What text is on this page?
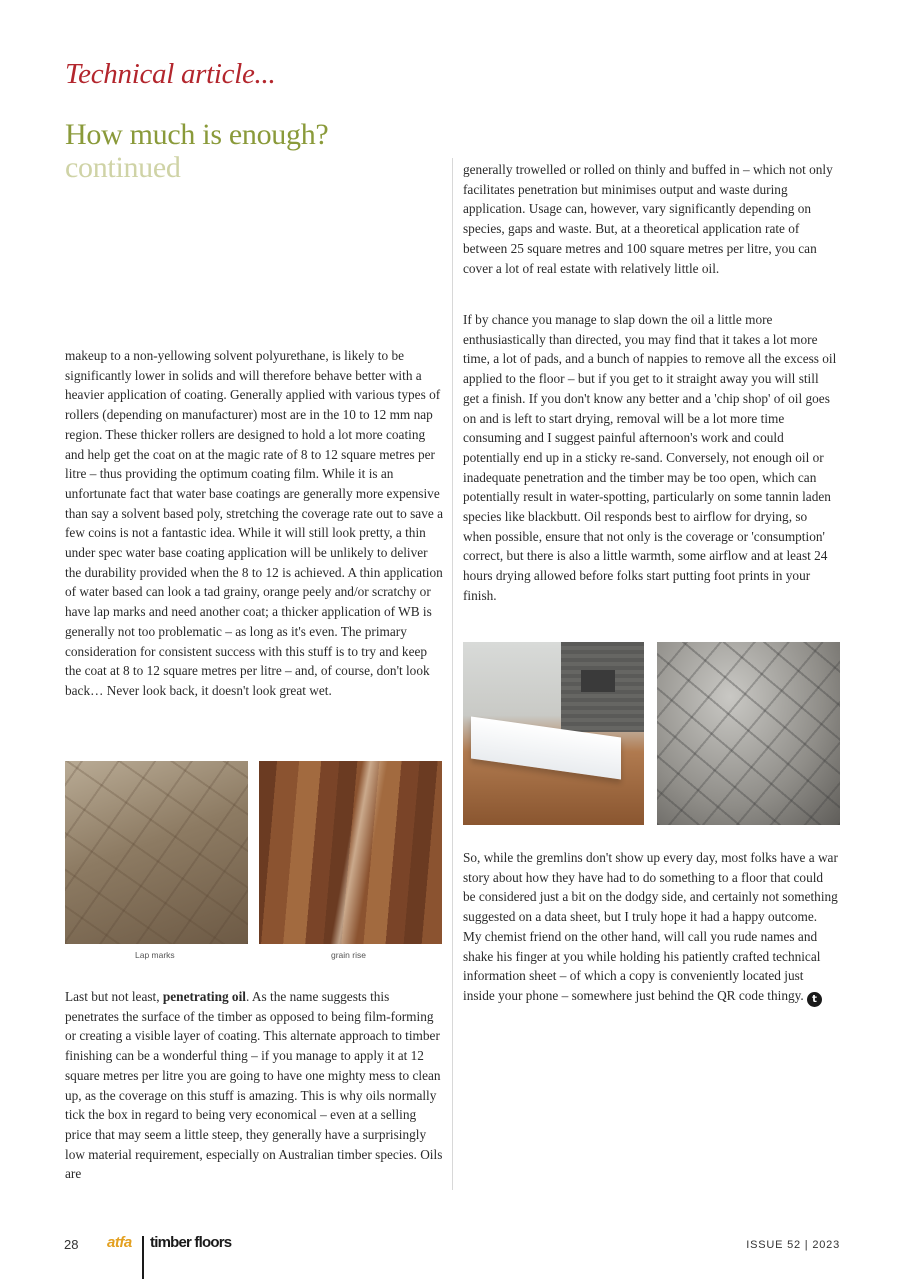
Technical article...
How much is enough?
continued

makeup to a non-yellowing solvent polyurethane, is likely to be significantly lower in solids and will therefore behave better with a heavier application of coating. Generally applied with various types of rollers (depending on manufacturer) most are in the 10 to 12 mm nap region. These thicker rollers are designed to hold a lot more coating and help get the coat on at the magic rate of 8 to 12 square metres per litre – thus providing the optimum coating film. While it is an unfortunate fact that water base coatings are generally more expensive than say a solvent based poly, stretching the coverage rate out to save a few coins is not a fantastic idea. While it will still look pretty, a thin under spec water base coating application will be unlikely to deliver the durability provided when the 8 to 12 is achieved. A thin application of water based can look a tad grainy, orange peely and/or scratchy or have lap marks and need another coat; a thicker application of WB is generally not too problematic – as long as it's even. The primary consideration for consistent success with this stuff is to try and keep the coat at 8 to 12 square metres per litre – and, of course, don't look back… Never look back, it doesn't look great wet.

Lap marks	grain rise

Last but not least, penetrating oil. As the name suggests this penetrates the surface of the timber as opposed to being film-forming or creating a visible layer of coating. This alternate approach to timber finishing can be a wonderful thing – if you manage to apply it at 12 square metres per litre you are going to have one mighty mess to clean up, as the coverage on this stuff is amazing. This is why oils normally tick the box in regard to being very economical – even at a selling price that may seem a little steep, they generally have a surprisingly low material requirement, especially on Australian timber species. Oils are

generally trowelled or rolled on thinly and buffed in – which not only facilitates penetration but minimises output and waste during application. Usage can, however, vary significantly depending on species, gaps and waste. But, at a theoretical application rate of between 25 square metres and 100 square metres per litre, you can cover a lot of real estate with relatively little oil.

If by chance you manage to slap down the oil a little more enthusiastically than directed, you may find that it takes a lot more time, a lot of pads, and a bunch of nappies to remove all the excess oil applied to the floor – but if you get to it straight away you will still get a finish. If you don't know any better and a 'chip shop' of oil goes on and is left to start drying, removal will be a lot more time consuming and I suggest painful afternoon's work and could potentially end up in a sticky re-sand. Conversely, not enough oil or inadequate penetration and the timber may be too open, which can potentially result in water-spotting, particularly on some tannin laden species like blackbutt. Oil responds best to airflow for drying, so when possible, ensure that not only is the coverage or 'consumption' correct, but there is also a little warmth, some airflow and at least 24 hours drying allowed before folks start putting foot prints in your finish.

So, while the gremlins don't show up every day, most folks have a war story about how they have had to do something to a floor that could be considered just a bit on the dodgy side, and certainly not something suggested on a data sheet, but I truly hope it had a happy outcome. My chemist friend on the other hand, will call you rude names and shake his finger at you while holding his patiently crafted technical information sheet – of which a copy is conveniently located just inside your phone – somewhere just behind the QR code thingy. t

28 atfa timber floors	ISSUE 52 | 2023
